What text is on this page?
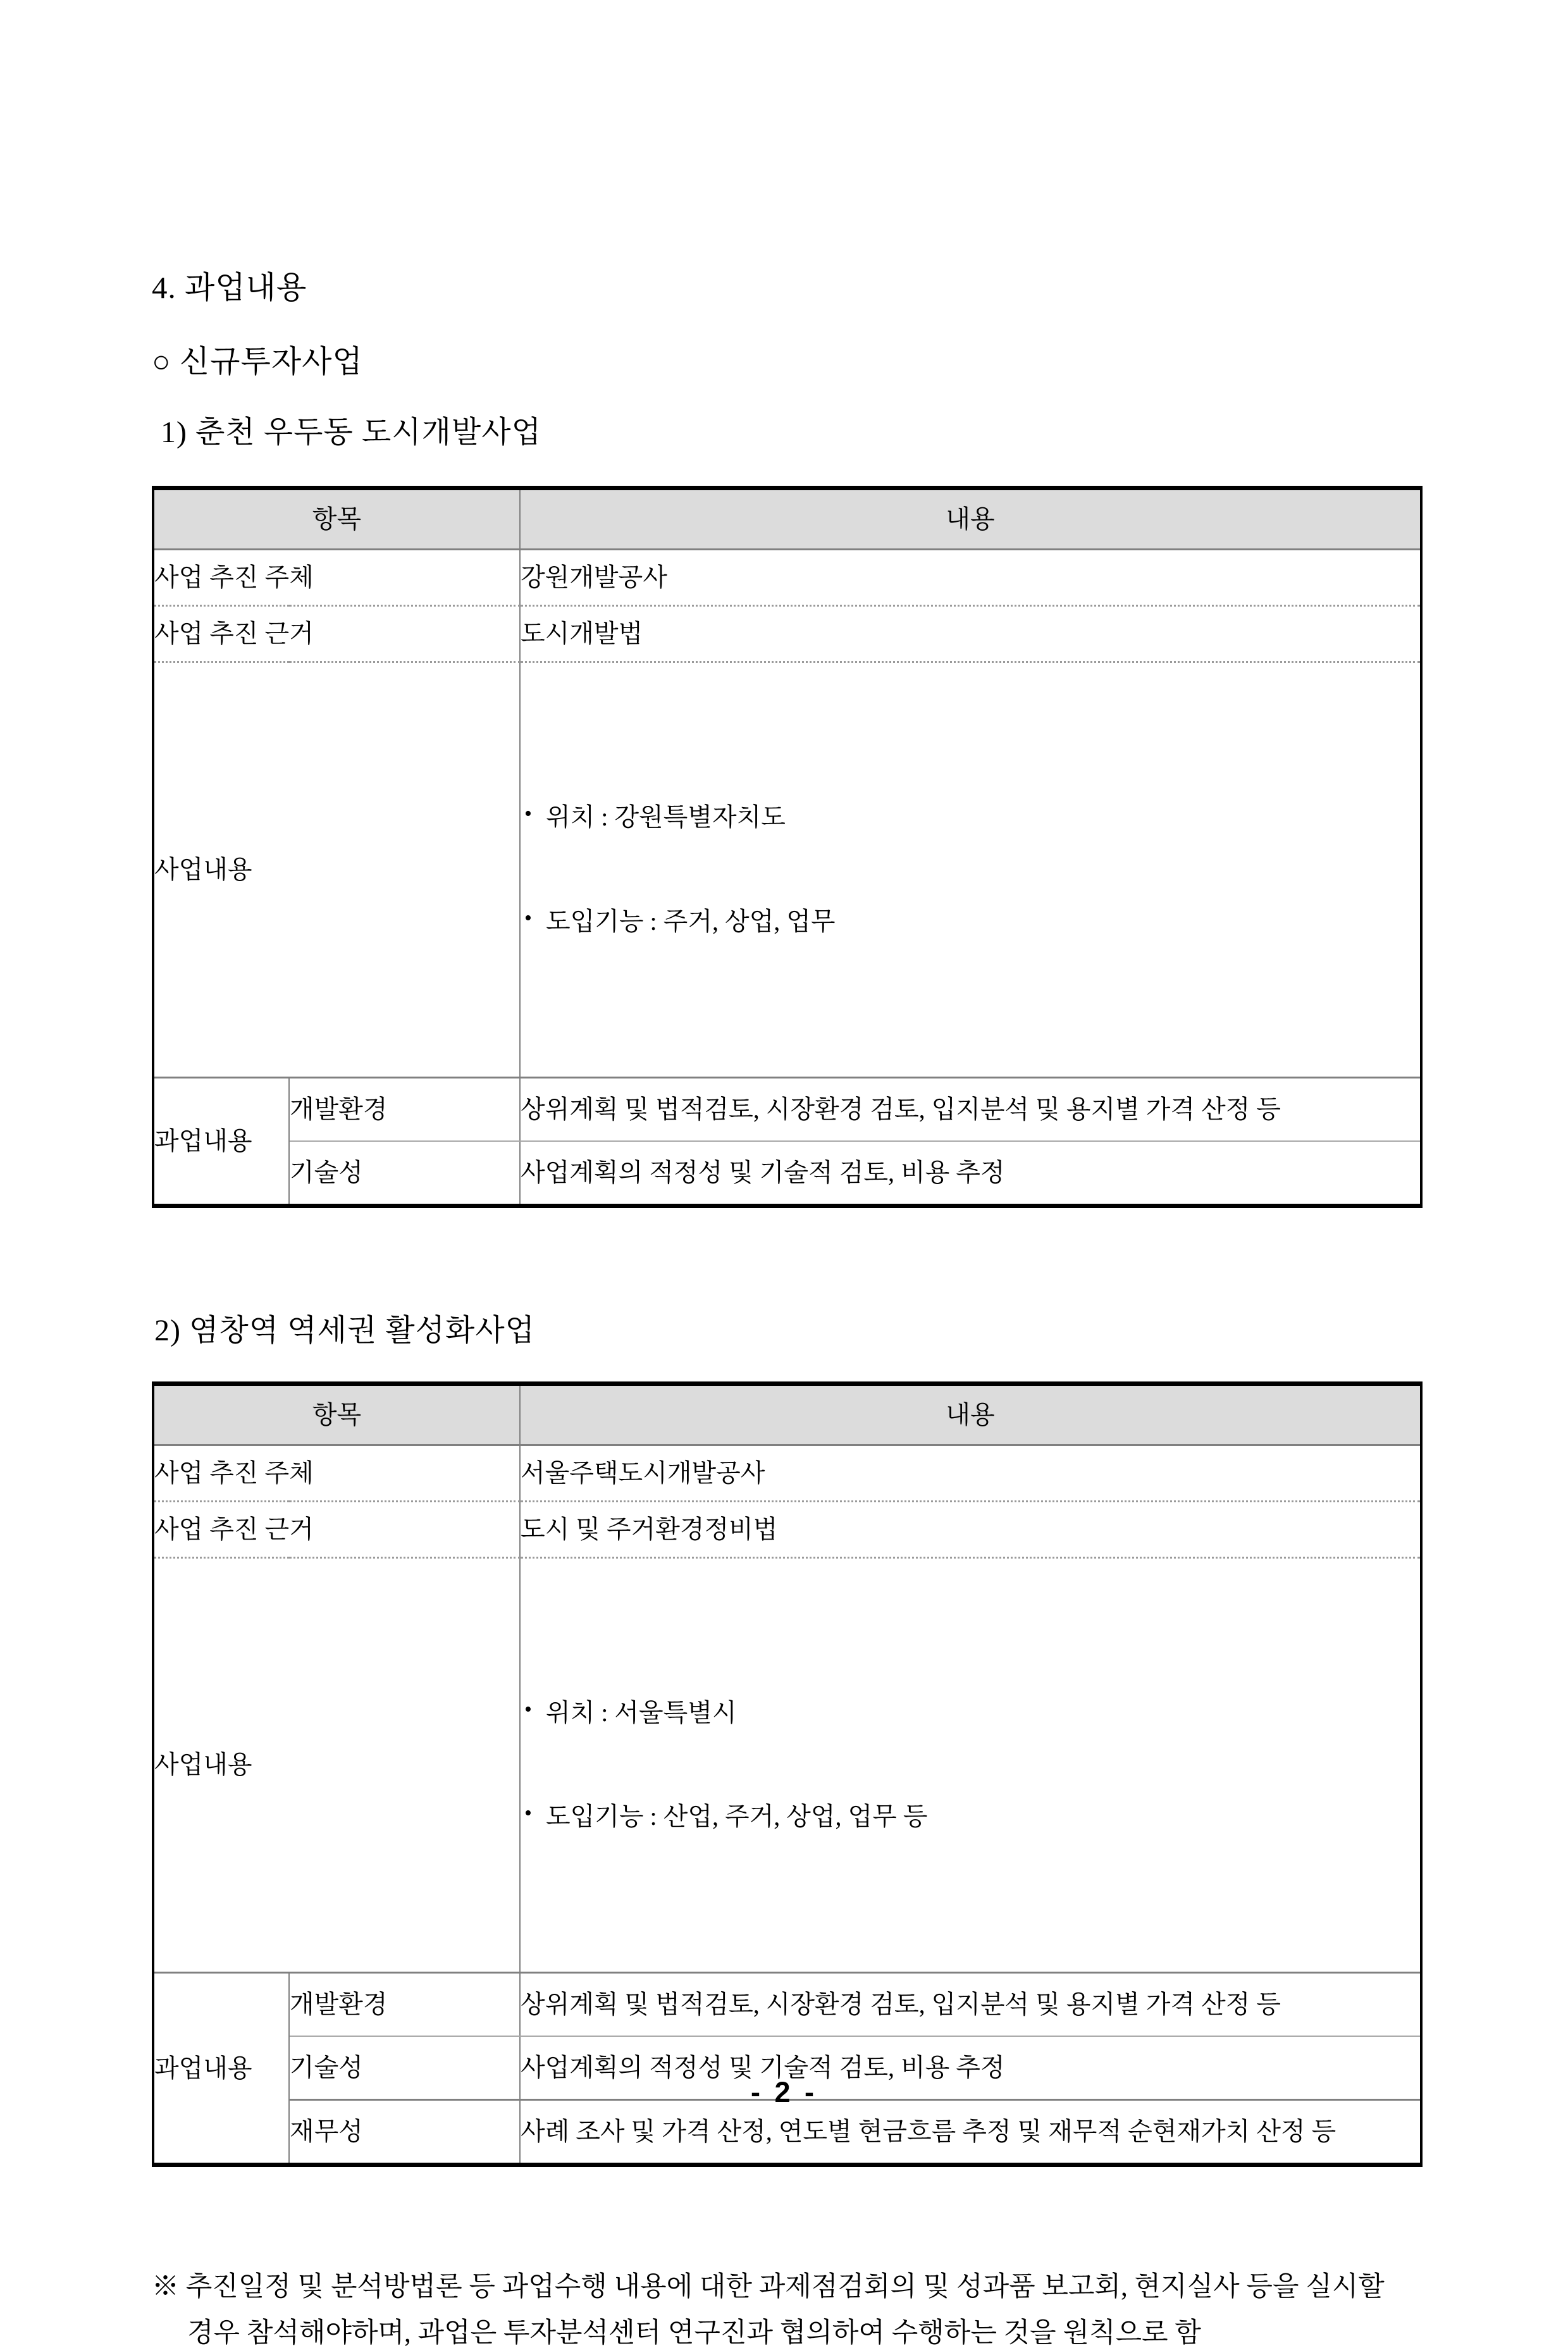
4. 과업내용
○ 신규투자사업
1) 춘천 우두동 도시개발사업
항목		내용
사업 추진 주체		강원개발공사
사업 추진 근거		도시개발법
사업내용	

• 위치 : 강원특별자치도

• 도입기능 : 주거, 상업, 업무

과업내용	개발환경	상위계획 및 법적검토, 시장환경 검토, 입지분석 및 용지별 가격 산정 등
	기술성	사업계획의 적정성 및 기술적 검토, 비용 추정
2) 염창역 역세권 활성화사업
항목		내용
사업 추진 주체		서울주택도시개발공사
사업 추진 근거		도시 및 주거환경정비법
사업내용	

• 위치 : 서울특별시

• 도입기능 : 산업, 주거, 상업, 업무 등

과업내용	개발환경	상위계획 및 법적검토, 시장환경 검토, 입지분석 및 용지별 가격 산정 등
	기술성	사업계획의 적정성 및 기술적 검토, 비용 추정
	재무성	사례 조사 및 가격 산정, 연도별 현금흐름 추정 및 재무적 순현재가치 산정 등
※ 추진일정 및 분석방법론 등 과업수행 내용에 대한 과제점검회의 및 성과품 보고회, 현지실사 등을 실시할
경우 참석해야하며, 과업은 투자분석센터 연구진과 협의하여 수행하는 것을 원칙으로 함
- 2 -
